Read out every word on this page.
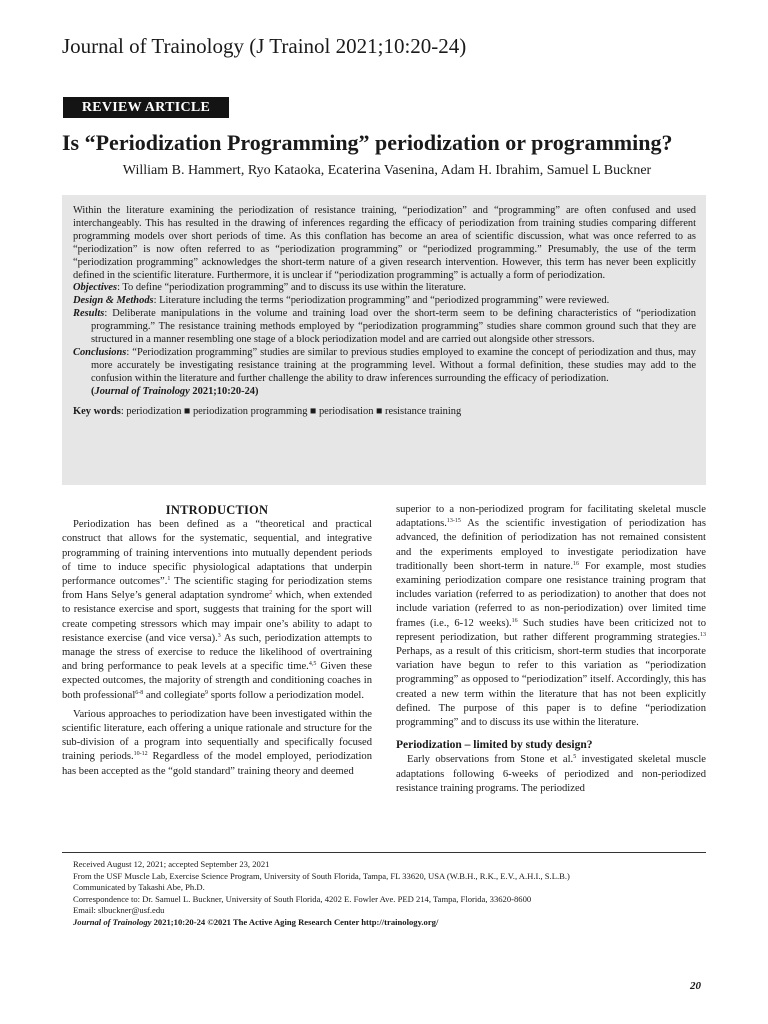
Journal of Trainology (J Trainol 2021;10:20-24)
REVIEW ARTICLE
Is “Periodization Programming” periodization or programming?
William B. Hammert, Ryo Kataoka, Ecaterina Vasenina, Adam H. Ibrahim, Samuel L Buckner

Within the literature examining the periodization of resistance training, “periodization” and “programming” are often confused and used interchangeably. This has resulted in the drawing of inferences regarding the efficacy of periodization from training studies comparing different programming models over short periods of time. As this conflation has become an area of scientific discussion, what was once referred to as “periodization” is now often referred to as “periodization programming” or “periodized programming.” Presumably, the use of the term “periodization programming” acknowledges the short-term nature of a given research intervention. However, this term has never been explicitly defined in the scientific literature. Furthermore, it is unclear if “periodization programming” is actually a form of periodization.

Objectives: To define “periodization programming” and to discuss its use within the literature.

Design & Methods: Literature including the terms “periodization programming” and “periodized programming” were reviewed.

Results: Deliberate manipulations in the volume and training load over the short-term seem to be defining characteristics of “periodization programming.” The resistance training methods employed by “periodization programming” studies share common ground such that they are structured in a manner resembling one stage of a block periodization model and are carried out alongside other stressors.

Conclusions: “Periodization programming” studies are similar to previous studies employed to examine the concept of periodization and thus, may more accurately be investigating resistance training at the programming level. Without a formal definition, these studies may add to the confusion within the literature and further challenge the ability to draw inferences surrounding the efficacy of periodization.

(Journal of Trainology 2021;10:20-24)

Key words: periodization ■ periodization programming ■ periodisation ■ resistance training

INTRODUCTION

Periodization has been defined as a “theoretical and practical construct that allows for the systematic, sequential, and integrative programming of training interventions into mutually dependent periods of time to induce specific physiological adaptations that underpin performance outcomes”.$^1$ The scientific staging for periodization stems from Hans Selye’s general adaptation syndrome$^2$ which, when extended to resistance exercise and sport, suggests that training for the sport will create competing stressors which may impair one’s ability to adapt to resistance exercise (and vice versa).$^3$ As such, periodization attempts to manage the stress of exercise to reduce the likelihood of overtraining and bring performance to peak levels at a specific time.$^{4,5}$ Given these expected outcomes, the majority of strength and conditioning coaches in both professional$^{6-8}$ and collegiate$^9$ sports follow a periodization model.

Various approaches to periodization have been investigated within the scientific literature, each offering a unique rationale and structure for the sub-division of a program into sequentially and specifically focused training periods.$^{10-12}$ Regardless of the model employed, periodization has been accepted as the “gold standard” training theory and deemed

superior to a non-periodized program for facilitating skeletal muscle adaptations.$^{13-15}$ As the scientific investigation of periodization has advanced, the definition of periodization has not remained consistent and the experiments employed to investigate periodization have traditionally been short-term in nature.$^{16}$ For example, most studies examining periodization compare one resistance training program that includes variation (referred to as periodization) to another that does not include variation (referred to as non-periodization) over limited time frames (i.e., 6-12 weeks).$^{16}$ Such studies have been criticized not to represent periodization, but rather different programming strategies.$^{13}$ Perhaps, as a result of this criticism, short-term studies that incorporate variation have begun to refer to this variation as “periodization programming” as opposed to “periodization” itself. Accordingly, this has created a new term within the literature that has not been explicitly defined. The purpose of this paper is to define “periodization programming” and to discuss its use within the literature.

Periodization – limited by study design?

Early observations from Stone et al.$^5$ investigated skeletal muscle adaptations following 6-weeks of periodized and non-periodized resistance training programs. The periodized

Received August 12, 2021; accepted September 23, 2021
From the USF Muscle Lab, Exercise Science Program, University of South Florida, Tampa, FL 33620, USA (W.B.H., R.K., E.V., A.H.I., S.L.B.)
Communicated by Takashi Abe, Ph.D.
Correspondence to: Dr. Samuel L. Buckner, University of South Florida, 4202 E. Fowler Ave. PED 214, Tampa, Florida, 33620-8600
Email: slbuckner@usf.edu
Journal of Trainology 2021;10:20-24 ©2021 The Active Aging Research Center http://trainology.org/
20
